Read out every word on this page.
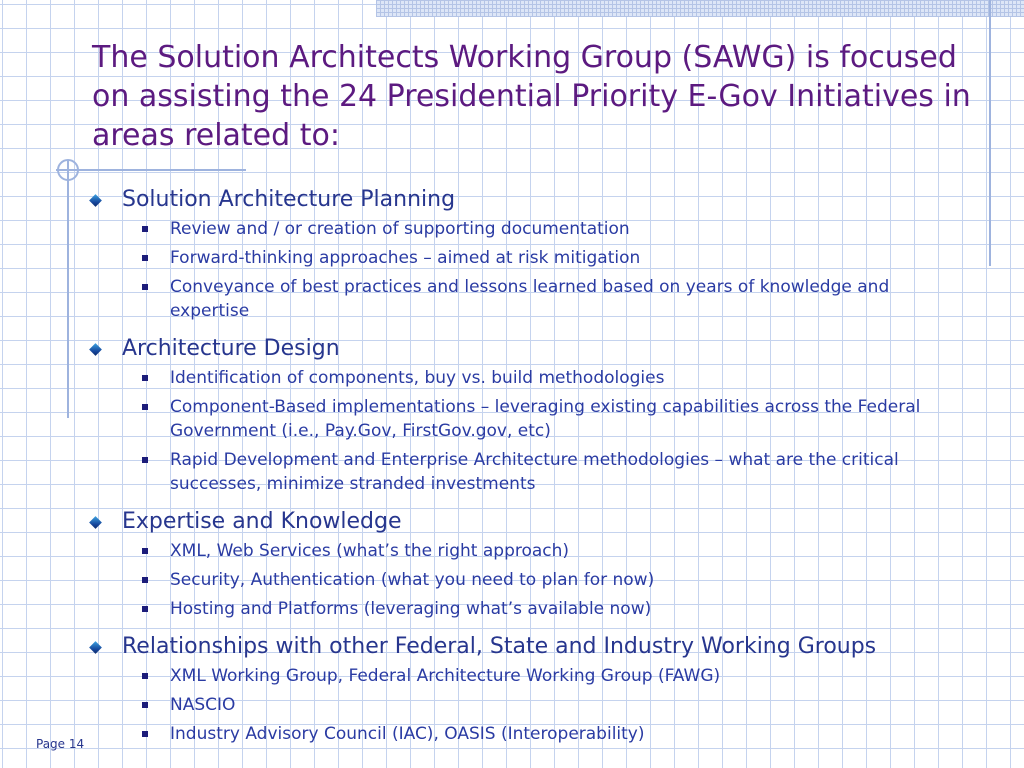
The Solution Architects Working Group (SAWG) is focused on assisting the 24 Presidential Priority E-Gov Initiatives in areas related to:
Solution Architecture Planning
Review and / or creation of supporting documentation
Forward-thinking approaches – aimed at risk mitigation
Conveyance of best practices and lessons learned based on years of knowledge and expertise
Architecture Design
Identification of components, buy vs. build methodologies
Component-Based implementations – leveraging existing capabilities across the Federal Government (i.e., Pay.Gov, FirstGov.gov, etc)
Rapid Development and Enterprise Architecture methodologies – what are the critical successes, minimize stranded investments
Expertise and Knowledge
XML, Web Services (what’s the right approach)
Security, Authentication (what you need to plan for now)
Hosting and Platforms (leveraging what’s available now)
Relationships with other Federal, State and Industry Working Groups
XML Working Group, Federal Architecture Working Group (FAWG)
NASCIO
Industry Advisory Council (IAC), OASIS (Interoperability)
Page 14
